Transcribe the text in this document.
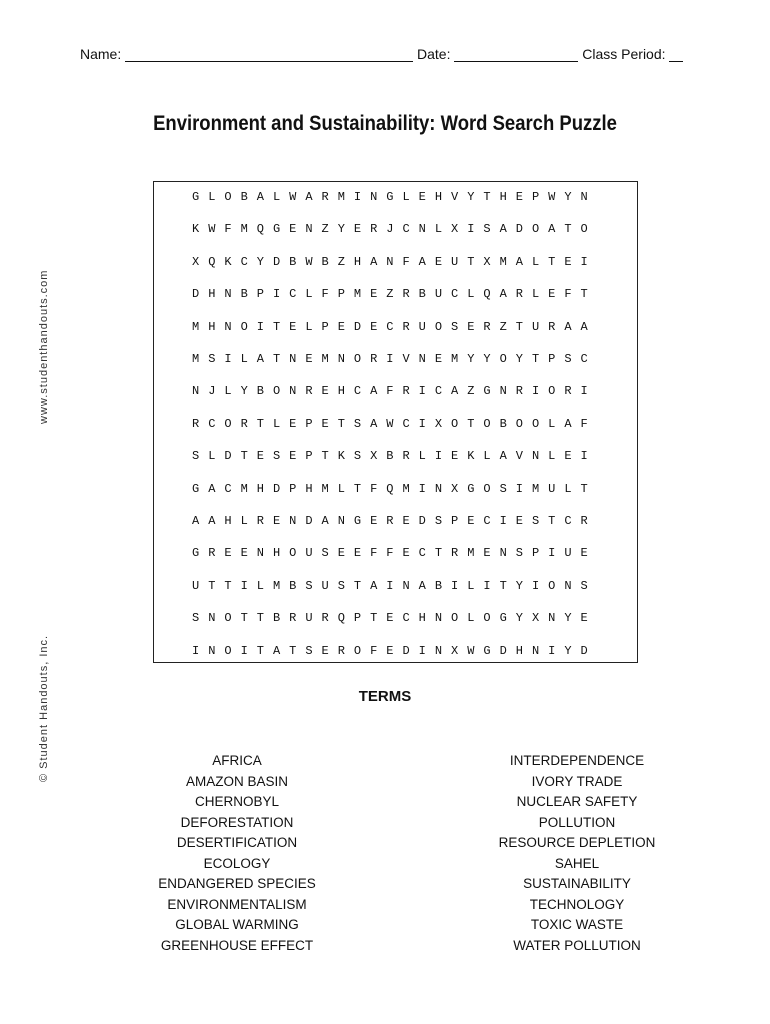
Name:	Date:	Class Period:
Environment and Sustainability: Word Search Puzzle
www.studenthandouts.com
© Student Handouts, Inc.
G L O B A L W A R M I N G L E H V Y T H E P W Y N
K W F M Q G E N Z Y E R J C N L X I S A D O A T O
X Q K C Y D B W B Z H A N F A E U T X M A L T E I
D H N B P I C L F P M E Z R B U C L Q A R L E F T
M H N O I T E L P E D E C R U O S E R Z T U R A A
M S I L A T N E M N O R I V N E M Y Y O Y T P S C
N J L Y B O N R E H C A F R I C A Z G N R I O R I
R C O R T L E P E T S A W C I X O T O B O O L A F
S L D T E S E P T K S X B R L I E K L A V N L E I
G A C M H D P H M L T F Q M I N X G O S I M U L T
A A H L R E N D A N G E R E D S P E C I E S T C R
G R E E N H O U S E E F F E C T R M E N S P I U E
U T T I L M B S U S T A I N A B I L I T Y I O N S
S N O T T B R U R Q P T E C H N O L O G Y X N Y E
I N O I T A T S E R O F E D I N X W G D H N I Y D
TERMS
AFRICA
AMAZON BASIN
CHERNOBYL
DEFORESTATION
DESERTIFICATION
ECOLOGY
ENDANGERED SPECIES
ENVIRONMENTALISM
GLOBAL WARMING
GREENHOUSE EFFECT
INTERDEPENDENCE
IVORY TRADE
NUCLEAR SAFETY
POLLUTION
RESOURCE DEPLETION
SAHEL
SUSTAINABILITY
TECHNOLOGY
TOXIC WASTE
WATER POLLUTION
